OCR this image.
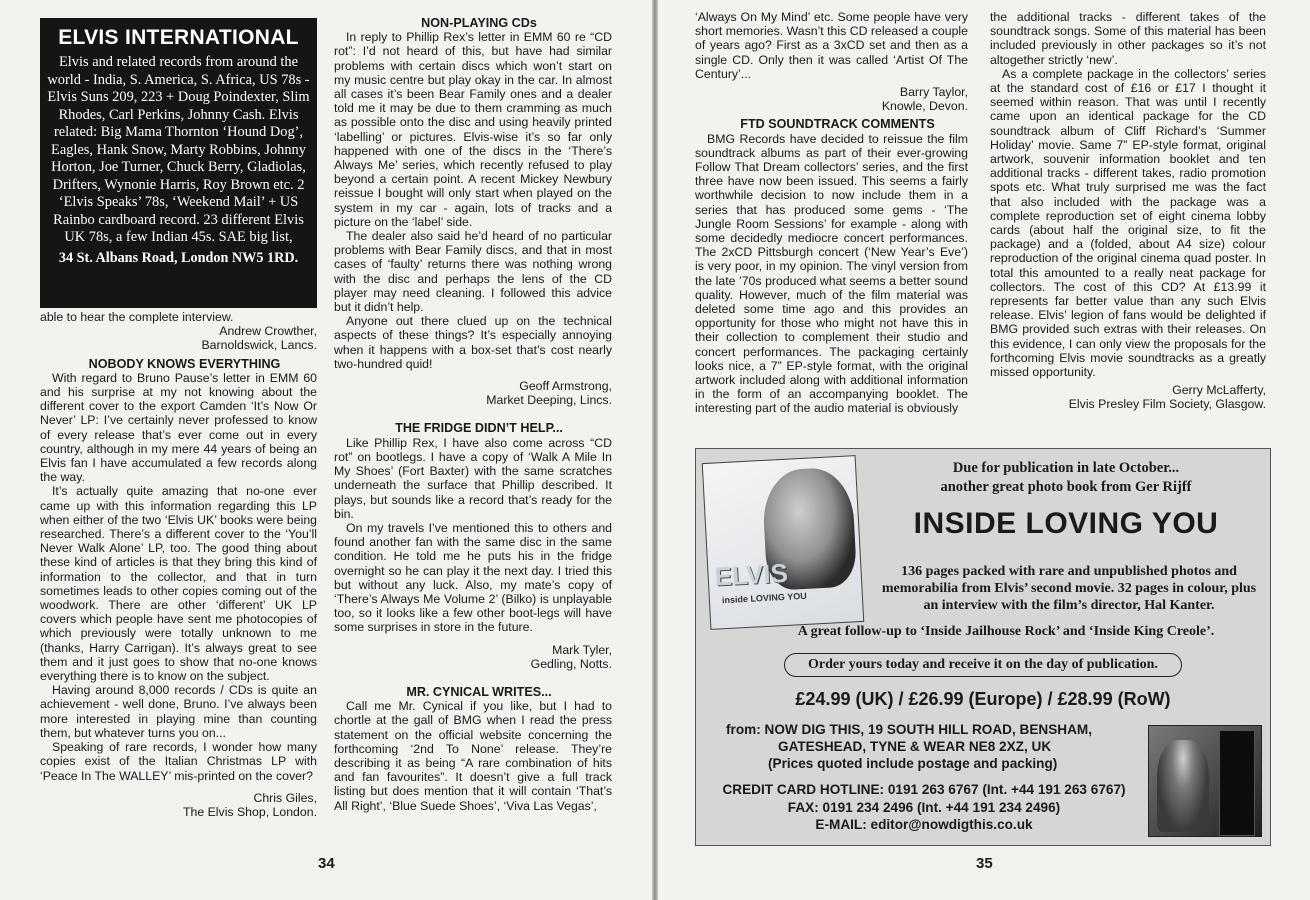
ELVIS INTERNATIONAL
Elvis and related records from around the world - India, S. America, S. Africa, US 78s - Elvis Suns 209, 223 + Doug Poindexter, Slim Rhodes, Carl Perkins, Johnny Cash. Elvis related: Big Mama Thornton ‘Hound Dog’, Eagles, Hank Snow, Marty Robbins, Johnny Horton, Joe Turner, Chuck Berry, Gladiolas, Drifters, Wynonie Harris, Roy Brown etc. 2 ‘Elvis Speaks’ 78s, ‘Weekend Mail’ + US Rainbo cardboard record. 23 different Elvis UK 78s, a few Indian 45s. SAE big list,
34 St. Albans Road, London NW5 1RD.

able to hear the complete interview.

Andrew Crowther,

Barnoldswick, Lancs.

NOBODY KNOWS EVERYTHING

With regard to Bruno Pause’s letter in EMM 60 and his surprise at my not knowing about the different cover to the export Camden ‘It’s Now Or Never’ LP: I’ve certainly never professed to know of every release that’s ever come out in every country, although in my mere 44 years of being an Elvis fan I have accumulated a few records along the way.

It’s actually quite amazing that no-one ever came up with this information regarding this LP when either of the two ‘Elvis UK’ books were being researched. There’s a different cover to the ‘You’ll Never Walk Alone’ LP, too. The good thing about these kind of articles is that they bring this kind of information to the collector, and that in turn sometimes leads to other copies coming out of the woodwork. There are other ‘different’ UK LP covers which people have sent me photocopies of which previously were totally unknown to me (thanks, Harry Carrigan). It’s always great to see them and it just goes to show that no-one knows everything there is to know on the subject.

Having around 8,000 records / CDs is quite an achievement - well done, Bruno. I’ve always been more interested in playing mine than counting them, but whatever turns you on...

Speaking of rare records, I wonder how many copies exist of the Italian Christmas LP with ‘Peace In The WALLEY’ mis-printed on the cover?

Chris Giles,

The Elvis Shop, London.

NON-PLAYING CDs

In reply to Phillip Rex’s letter in EMM 60 re “CD rot”: I’d not heard of this, but have had similar problems with certain discs which won’t start on my music centre but play okay in the car. In almost all cases it’s been Bear Family ones and a dealer told me it may be due to them cramming as much as possible onto the disc and using heavily printed ‘labelling’ or pictures. Elvis-wise it’s so far only happened with one of the discs in the ‘There’s Always Me’ series, which recently refused to play beyond a certain point. A recent Mickey Newbury reissue I bought will only start when played on the system in my car - again, lots of tracks and a picture on the ‘label’ side.

The dealer also said he’d heard of no particular problems with Bear Family discs, and that in most cases of ‘faulty’ returns there was nothing wrong with the disc and perhaps the lens of the CD player may need cleaning. I followed this advice but it didn’t help.

Anyone out there clued up on the technical aspects of these things? It’s especially annoying when it happens with a box-set that’s cost nearly two-hundred quid!

Geoff Armstrong,

Market Deeping, Lincs.

THE FRIDGE DIDN’T HELP...

Like Phillip Rex, I have also come across “CD rot” on bootlegs. I have a copy of ‘Walk A Mile In My Shoes’ (Fort Baxter) with the same scratches underneath the surface that Phillip described. It plays, but sounds like a record that’s ready for the bin.

On my travels I’ve mentioned this to others and found another fan with the same disc in the same condition. He told me he puts his in the fridge overnight so he can play it the next day. I tried this but without any luck. Also, my mate’s copy of ‘There’s Always Me Volume 2’ (Bilko) is unplayable too, so it looks like a few other boot-legs will have some surprises in store in the future.

Mark Tyler,

Gedling, Notts.

MR. CYNICAL WRITES...

Call me Mr. Cynical if you like, but I had to chortle at the gall of BMG when I read the press statement on the official website concerning the forthcoming ‘2nd To None’ release. They’re describing it as being “A rare combination of hits and fan favourites”. It doesn’t give a full track listing but does mention that it will contain ‘That’s All Right’, ‘Blue Suede Shoes’, ‘Viva Las Vegas’,

34

‘Always On My Mind’ etc. Some people have very short memories. Wasn’t this CD released a couple of years ago? First as a 3xCD set and then as a single CD. Only then it was called ‘Artist Of The Century’...

Barry Taylor,

Knowle, Devon.

FTD SOUNDTRACK COMMENTS

BMG Records have decided to reissue the film soundtrack albums as part of their ever-growing Follow That Dream collectors’ series, and the first three have now been issued. This seems a fairly worthwhile decision to now include them in a series that has produced some gems - ‘The Jungle Room Sessions’ for example - along with some decidedly mediocre concert performances. The 2xCD Pittsburgh concert (‘New Year’s Eve’) is very poor, in my opinion. The vinyl version from the late ’70s produced what seems a better sound quality. However, much of the film material was deleted some time ago and this provides an opportunity for those who might not have this in their collection to complement their studio and concert performances. The packaging certainly looks nice, a 7” EP-style format, with the original artwork included along with additional information in the form of an accompanying booklet. The interesting part of the audio material is obviously

the additional tracks - different takes of the soundtrack songs. Some of this material has been included previously in other packages so it’s not altogether strictly ‘new’.

As a complete package in the collectors’ series at the standard cost of £16 or £17 I thought it seemed within reason. That was until I recently came upon an identical package for the CD soundtrack album of Cliff Richard’s ‘Summer Holiday’ movie. Same 7” EP-style format, original artwork, souvenir information booklet and ten additional tracks - different takes, radio promotion spots etc. What truly surprised me was the fact that also included with the package was a complete reproduction set of eight cinema lobby cards (about half the original size, to fit the package) and a (folded, about A4 size) colour reproduction of the original cinema quad poster. In total this amounted to a really neat package for collectors. The cost of this CD? At £13.99 it represents far better value than any such Elvis release. Elvis’ legion of fans would be delighted if BMG provided such extras with their releases. On this evidence, I can only view the proposals for the forthcoming Elvis movie soundtracks as a greatly missed opportunity.

Gerry McLafferty,

Elvis Presley Film Society, Glasgow.

ELVIS
inside LOVING YOU
Due for publication in late October...
another great photo book from Ger Rijff
INSIDE LOVING YOU
136 pages packed with rare and unpublished photos and memorabilia from Elvis’ second movie. 32 pages in colour, plus an interview with the film’s director, Hal Kanter.
A great follow-up to ‘Inside Jailhouse Rock’ and ‘Inside King Creole’.
Order yours today and receive it on the day of publication.
£24.99 (UK) / £26.99 (Europe) / £28.99 (RoW)
from: NOW DIG THIS, 19 SOUTH HILL ROAD, BENSHAM,
GATESHEAD, TYNE & WEAR NE8 2XZ, UK
(Prices quoted include postage and packing)
CREDIT CARD HOTLINE: 0191 263 6767 (Int. +44 191 263 6767)
FAX: 0191 234 2496 (Int. +44 191 234 2496)
E-MAIL: editor@nowdigthis.co.uk
35
